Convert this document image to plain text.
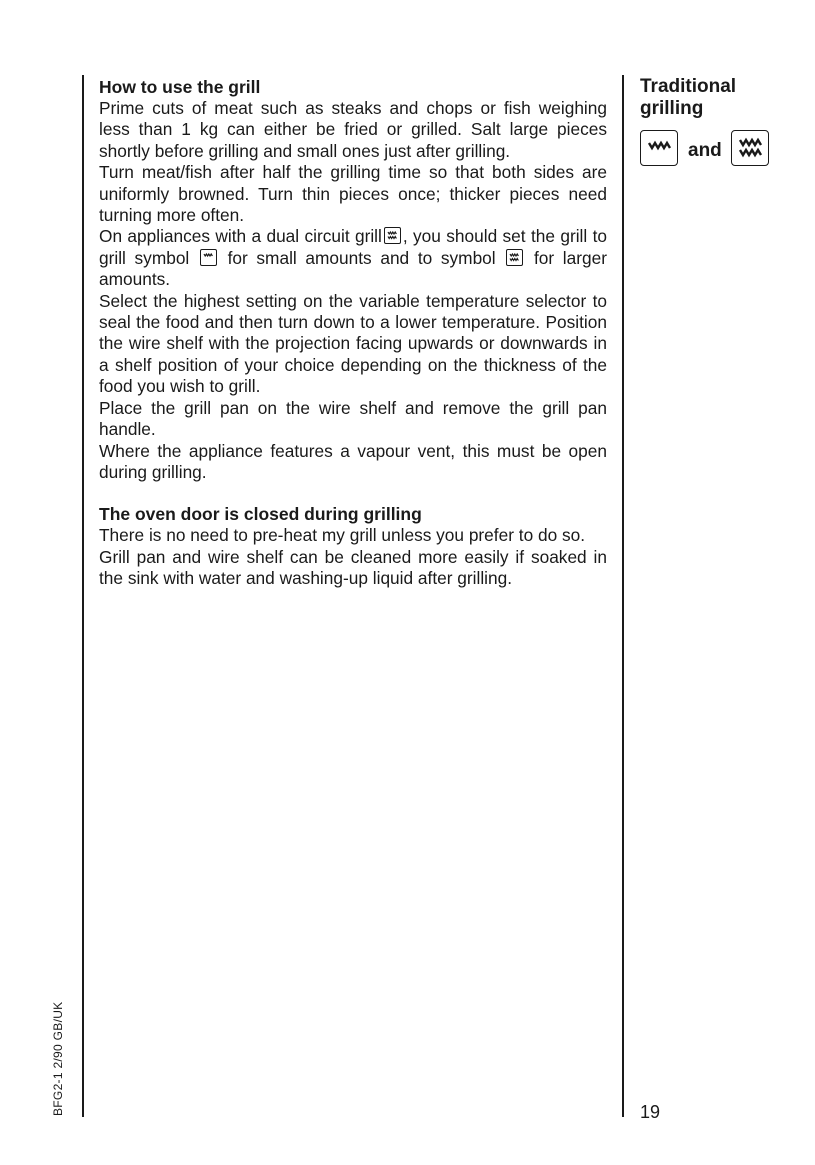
How to use the grill

Prime cuts of meat such as steaks and chops or fish weighing less than 1 kg can either be fried or grilled. Salt large pieces shortly before grilling and small ones just after grilling.

Turn meat/fish after half the grilling time so that both sides are uniformly browned. Turn thin pieces once; thicker pieces need turning more often.

On appliances with a dual circuit grill , you should set the grill to grill symbol for small amounts and to symbol for larger amounts.

Select the highest setting on the variable temperature selector to seal the food and then turn down to a lower temperature. Position the wire shelf with the projection facing upwards or downwards in a shelf position of your choice depending on the thickness of the food you wish to grill.

Place the grill pan on the wire shelf and remove the grill pan handle.

Where the appliance features a vapour vent, this must be open during grilling.

The oven door is closed during grilling

There is no need to pre-heat my grill unless you prefer to do so.

Grill pan and wire shelf can be cleaned more easily if soaked in the sink with water and washing-up liquid after grilling.

Traditional grilling

and
BFG2-1 2/90 GB/UK	19
